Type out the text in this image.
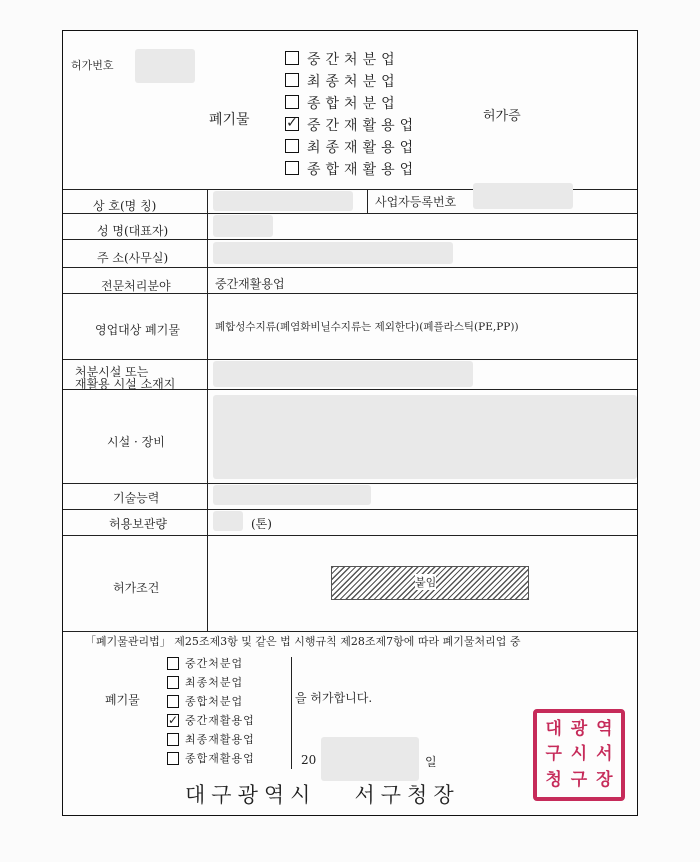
허가번호
폐기물	허가증
중간처분업
최종처분업
종합처분업
✓ 중간재활용업
최종재활용업
종합재활용업
상 호(명 칭)	사업자등록번호
성 명(대표자)
주 소(사무실)
전문처리분야	중간재활용업
영업대상 폐기물	폐합성수지류(폐염화비닐수지류는 제외한다)(폐플라스틱(PE,PP))
처분시설 또는
재활용 시설 소재지
시설 · 장비
기술능력
허용보관량	(톤)
허가조건	붙임
「폐기물관리법」 제25조제3항 및 같은 법 시행규칙 제28조제7항에 따라 폐기물처리업 중
폐기물
중간처분업
최종처분업
종합처분업
✓ 중간재활용업
최종재활용업
종합재활용업
을 허가합니다.
20	일
대구광역시   서구청장
대 광 역
구 시 서
청 구 장
